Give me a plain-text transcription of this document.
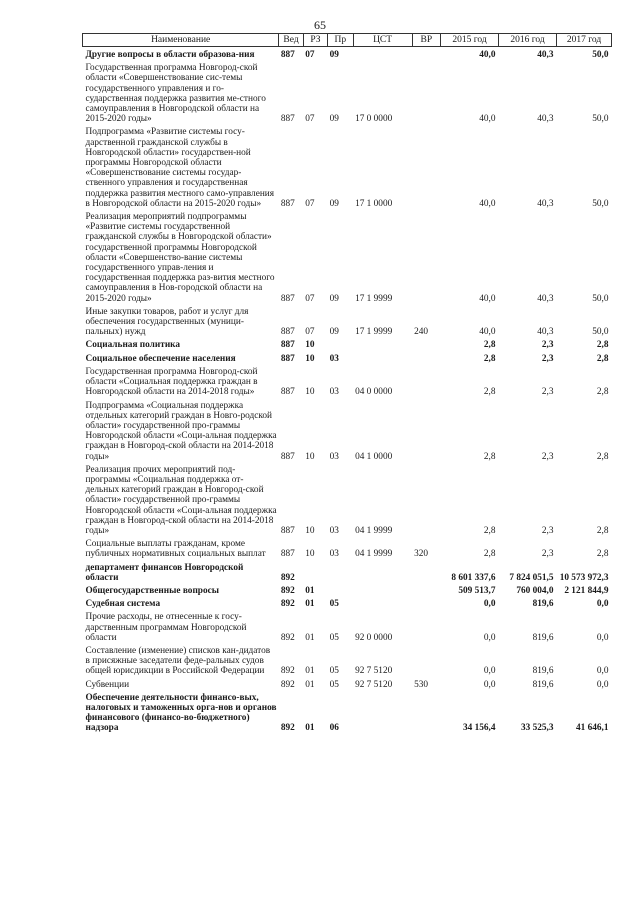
65
Наименование	Вед	РЗ	Пр	ЦСТ	ВР	2015 год	2016 год	2017 год
Другие вопросы в области образова-ния	887	07	09			40,0	40,3	50,0
Государственная программа Новгород-ской области «Совершенствование сис-темы государственного управления и го-сударственная поддержка развития ме-стного самоуправления в Новгородской области на 2015-2020 годы»	887	07	09	17 0 0000		40,0	40,3	50,0
Подпрограмма «Развитие системы госу-дарственной гражданской службы в Новгородской области» государствен-ной программы Новгородской области «Совершенствование системы государ-ственного управления и государственная поддержка развития местного само-управления в Новгородской области на 2015-2020 годы»	887	07	09	17 1 0000		40,0	40,3	50,0
Реализация мероприятий подпрограммы «Развитие системы государственной гражданской службы в Новгородской области» государственной программы Новгородской области «Совершенство-вание системы государственного управ-ления и государственная поддержка раз-вития местного самоуправления в Нов-городской области на 2015-2020 годы»	887	07	09	17 1 9999		40,0	40,3	50,0
Иные закупки товаров, работ и услуг для обеспечения государственных (муници-пальных) нужд	887	07	09	17 1 9999	240	40,0	40,3	50,0
Социальная политика	887	10				2,8	2,3	2,8
Социальное обеспечение населения	887	10	03			2,8	2,3	2,8
Государственная программа Новгород-ской области «Социальная поддержка граждан в Новгородской области на 2014-2018 годы»	887	10	03	04 0 0000		2,8	2,3	2,8
Подпрограмма «Социальная поддержка отдельных категорий граждан в Новго-родской области» государственной про-граммы Новгородской области «Соци-альная поддержка граждан в Новгород-ской области на 2014-2018 годы»	887	10	03	04 1 0000		2,8	2,3	2,8
Реализация прочих мероприятий под-программы «Социальная поддержка от-дельных категорий граждан в Новгород-ской области» государственной про-граммы Новгородской области «Соци-альная поддержка граждан в Новгород-ской области на 2014-2018 годы»	887	10	03	04 1 9999		2,8	2,3	2,8
Социальные выплаты гражданам, кроме публичных нормативных социальных выплат	887	10	03	04 1 9999	320	2,8	2,3	2,8
департамент финансов Новгородской области	892					8 601 337,6	7 824 051,5	10 573 972,3
Общегосударственные вопросы	892	01				509 513,7	760 004,0	2 121 844,9
Судебная система	892	01	05			0,0	819,6	0,0
Прочие расходы, не отнесенные к госу-дарственным программам Новгородской области	892	01	05	92 0 0000		0,0	819,6	0,0
Составление (изменение) списков кан-дидатов в присяжные заседатели феде-ральных судов общей юрисдикции в Российской Федерации	892	01	05	92 7 5120		0,0	819,6	0,0
Субвенции	892	01	05	92 7 5120	530	0,0	819,6	0,0
Обеспечение деятельности финансо-вых, налоговых и таможенных орга-нов и органов финансового (финансо-во-бюджетного) надзора	892	01	06			34 156,4	33 525,3	41 646,1
